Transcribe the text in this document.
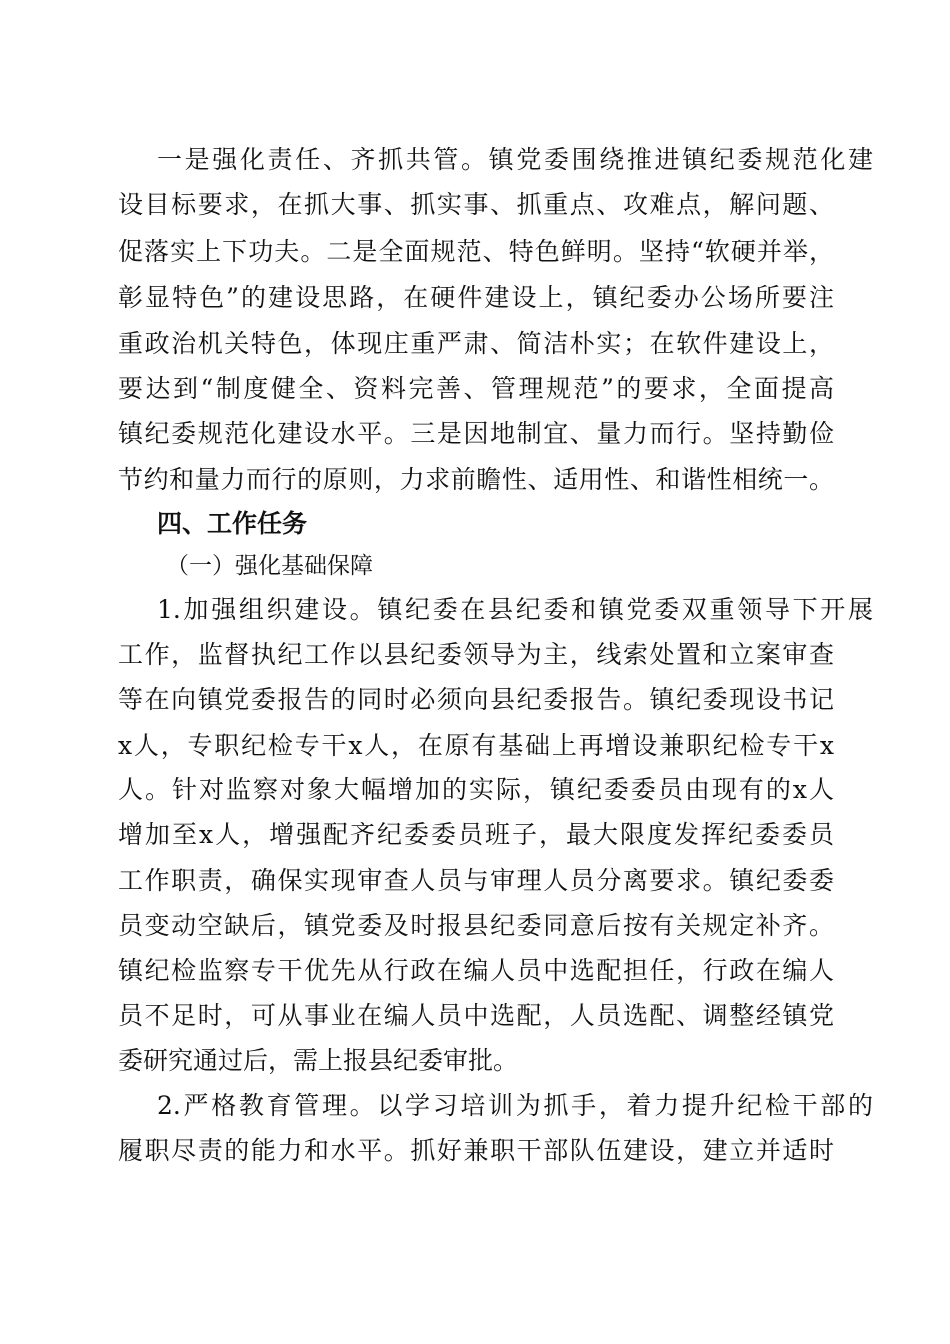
一是强化责任、齐抓共管。镇党委围绕推进镇纪委规范化建
设目标要求，在抓大事、抓实事、抓重点、攻难点，解问题、
促落实上下功夫。二是全面规范、特色鲜明。坚持“软硬并举，
彰显特色”的建设思路，在硬件建设上，镇纪委办公场所要注
重政治机关特色，体现庄重严肃、简洁朴实；在软件建设上，
要达到“制度健全、资料完善、管理规范”的要求，全面提高
镇纪委规范化建设水平。三是因地制宜、量力而行。坚持勤俭
节约和量力而行的原则，力求前瞻性、适用性、和谐性相统一。
四、工作任务
（一）强化基础保障
1.加强组织建设。镇纪委在县纪委和镇党委双重领导下开展
工作，监督执纪工作以县纪委领导为主，线索处置和立案审查
等在向镇党委报告的同时必须向县纪委报告。镇纪委现设书记
x人，专职纪检专干x人，在原有基础上再增设兼职纪检专干x
人。针对监察对象大幅增加的实际，镇纪委委员由现有的x人
增加至x人，增强配齐纪委委员班子，最大限度发挥纪委委员
工作职责，确保实现审查人员与审理人员分离要求。镇纪委委
员变动空缺后，镇党委及时报县纪委同意后按有关规定补齐。
镇纪检监察专干优先从行政在编人员中选配担任，行政在编人
员不足时，可从事业在编人员中选配，人员选配、调整经镇党
委研究通过后，需上报县纪委审批。
2.严格教育管理。以学习培训为抓手，着力提升纪检干部的
履职尽责的能力和水平。抓好兼职干部队伍建设，建立并适时
